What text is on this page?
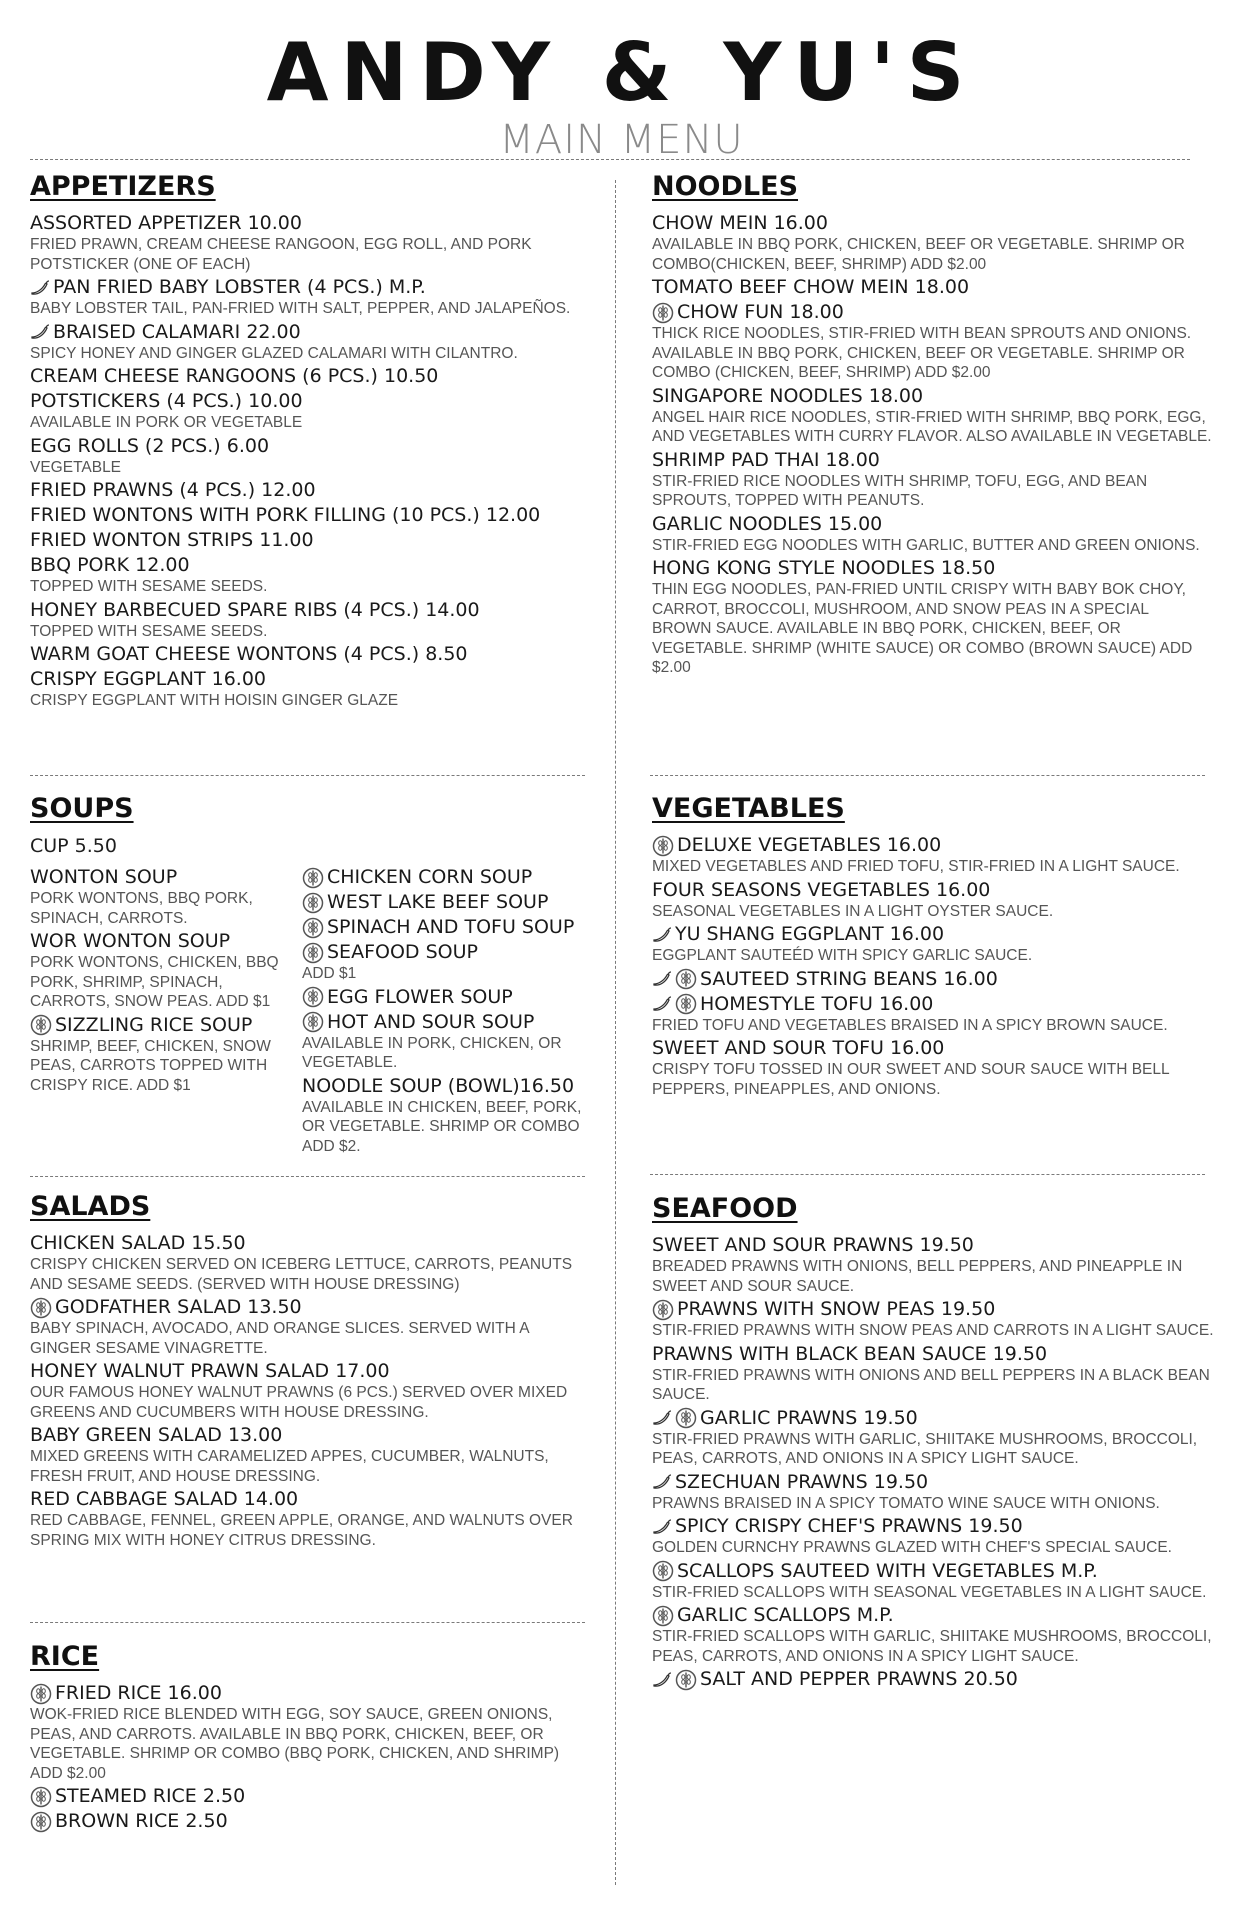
ANDY & YU'S
MAIN MENU
APPETIZERS
ASSORTED APPETIZER 10.00
FRIED PRAWN, CREAM CHEESE RANGOON, EGG ROLL, AND PORK POTSTICKER (ONE OF EACH)
PAN FRIED BABY LOBSTER (4 PCS.) M.P.
BABY LOBSTER TAIL, PAN-FRIED WITH SALT, PEPPER, AND JALAPEÑOS.
BRAISED CALAMARI 22.00
SPICY HONEY AND GINGER GLAZED CALAMARI WITH CILANTRO.
CREAM CHEESE RANGOONS (6 PCS.) 10.50
POTSTICKERS (4 PCS.) 10.00
AVAILABLE IN PORK OR VEGETABLE
EGG ROLLS (2 PCS.) 6.00
VEGETABLE
FRIED PRAWNS (4 PCS.) 12.00
FRIED WONTONS WITH PORK FILLING (10 PCS.) 12.00
FRIED WONTON STRIPS 11.00
BBQ PORK 12.00
TOPPED WITH SESAME SEEDS.
HONEY BARBECUED SPARE RIBS (4 PCS.) 14.00
TOPPED WITH SESAME SEEDS.
WARM GOAT CHEESE WONTONS (4 PCS.) 8.50
CRISPY EGGPLANT 16.00
CRISPY EGGPLANT WITH HOISIN GINGER GLAZE
SOUPS
CUP 5.50
WONTON SOUP
PORK WONTONS, BBQ PORK, SPINACH, CARROTS.
WOR WONTON SOUP
PORK WONTONS, CHICKEN, BBQ PORK, SHRIMP, SPINACH, CARROTS, SNOW PEAS. ADD $1
SIZZLING RICE SOUP
SHRIMP, BEEF, CHICKEN, SNOW PEAS, CARROTS TOPPED WITH CRISPY RICE. ADD $1
CHICKEN CORN SOUP
WEST LAKE BEEF SOUP
SPINACH AND TOFU SOUP
SEAFOOD SOUP
ADD $1
EGG FLOWER SOUP
HOT AND SOUR SOUP
AVAILABLE IN PORK, CHICKEN, OR VEGETABLE.
NOODLE SOUP (BOWL)16.50
AVAILABLE IN CHICKEN, BEEF, PORK, OR VEGETABLE. SHRIMP OR COMBO ADD $2.
SALADS
CHICKEN SALAD 15.50
CRISPY CHICKEN SERVED ON ICEBERG LETTUCE, CARROTS, PEANUTS AND SESAME SEEDS. (SERVED WITH HOUSE DRESSING)
GODFATHER SALAD 13.50
BABY SPINACH, AVOCADO, AND ORANGE SLICES. SERVED WITH A GINGER SESAME VINAGRETTE.
HONEY WALNUT PRAWN SALAD 17.00
OUR FAMOUS HONEY WALNUT PRAWNS (6 PCS.) SERVED OVER MIXED GREENS AND CUCUMBERS WITH HOUSE DRESSING.
BABY GREEN SALAD 13.00
MIXED GREENS WITH CARAMELIZED APPES, CUCUMBER, WALNUTS, FRESH FRUIT, AND HOUSE DRESSING.
RED CABBAGE SALAD 14.00
RED CABBAGE, FENNEL, GREEN APPLE, ORANGE, AND WALNUTS OVER SPRING MIX WITH HONEY CITRUS DRESSING.
RICE
FRIED RICE 16.00
WOK-FRIED RICE BLENDED WITH EGG, SOY SAUCE, GREEN ONIONS, PEAS, AND CARROTS. AVAILABLE IN BBQ PORK, CHICKEN, BEEF, OR VEGETABLE. SHRIMP OR COMBO (BBQ PORK, CHICKEN, AND SHRIMP) ADD $2.00
STEAMED RICE 2.50
BROWN RICE 2.50
NOODLES
CHOW MEIN 16.00
AVAILABLE IN BBQ PORK, CHICKEN, BEEF OR VEGETABLE. SHRIMP OR COMBO(CHICKEN, BEEF, SHRIMP) ADD $2.00
TOMATO BEEF CHOW MEIN 18.00
CHOW FUN 18.00
THICK RICE NOODLES, STIR-FRIED WITH BEAN SPROUTS AND ONIONS. AVAILABLE IN BBQ PORK, CHICKEN, BEEF OR VEGETABLE. SHRIMP OR COMBO (CHICKEN, BEEF, SHRIMP) ADD $2.00
SINGAPORE NOODLES 18.00
ANGEL HAIR RICE NOODLES, STIR-FRIED WITH SHRIMP, BBQ PORK, EGG, AND VEGETABLES WITH CURRY FLAVOR. ALSO AVAILABLE IN VEGETABLE.
SHRIMP PAD THAI 18.00
STIR-FRIED RICE NOODLES WITH SHRIMP, TOFU, EGG, AND BEAN SPROUTS, TOPPED WITH PEANUTS.
GARLIC NOODLES 15.00
STIR-FRIED EGG NOODLES WITH GARLIC, BUTTER AND GREEN ONIONS.
HONG KONG STYLE NOODLES 18.50
THIN EGG NOODLES, PAN-FRIED UNTIL CRISPY WITH BABY BOK CHOY, CARROT, BROCCOLI, MUSHROOM, AND SNOW PEAS IN A SPECIAL BROWN SAUCE. AVAILABLE IN BBQ PORK, CHICKEN, BEEF, OR VEGETABLE. SHRIMP (WHITE SAUCE) OR COMBO (BROWN SAUCE) ADD $2.00
VEGETABLES
DELUXE VEGETABLES 16.00
MIXED VEGETABLES AND FRIED TOFU, STIR-FRIED IN A LIGHT SAUCE.
FOUR SEASONS VEGETABLES 16.00
SEASONAL VEGETABLES IN A LIGHT OYSTER SAUCE.
YU SHANG EGGPLANT 16.00
EGGPLANT SAUTEÉD WITH SPICY GARLIC SAUCE.
SAUTEED STRING BEANS 16.00
HOMESTYLE TOFU 16.00
FRIED TOFU AND VEGETABLES BRAISED IN A SPICY BROWN SAUCE.
SWEET AND SOUR TOFU 16.00
CRISPY TOFU TOSSED IN OUR SWEET AND SOUR SAUCE WITH BELL PEPPERS, PINEAPPLES, AND ONIONS.
SEAFOOD
SWEET AND SOUR PRAWNS 19.50
BREADED PRAWNS WITH ONIONS, BELL PEPPERS, AND PINEAPPLE IN SWEET AND SOUR SAUCE.
PRAWNS WITH SNOW PEAS 19.50
STIR-FRIED PRAWNS WITH SNOW PEAS AND CARROTS IN A LIGHT SAUCE.
PRAWNS WITH BLACK BEAN SAUCE 19.50
STIR-FRIED PRAWNS WITH ONIONS AND BELL PEPPERS IN A BLACK BEAN SAUCE.
GARLIC PRAWNS 19.50
STIR-FRIED PRAWNS WITH GARLIC, SHIITAKE MUSHROOMS, BROCCOLI, PEAS, CARROTS, AND ONIONS IN A SPICY LIGHT SAUCE.
SZECHUAN PRAWNS 19.50
PRAWNS BRAISED IN A SPICY TOMATO WINE SAUCE WITH ONIONS.
SPICY CRISPY CHEF'S PRAWNS 19.50
GOLDEN CURNCHY PRAWNS GLAZED WITH CHEF'S SPECIAL SAUCE.
SCALLOPS SAUTEED WITH VEGETABLES M.P.
STIR-FRIED SCALLOPS WITH SEASONAL VEGETABLES IN A LIGHT SAUCE.
GARLIC SCALLOPS M.P.
STIR-FRIED SCALLOPS WITH GARLIC, SHIITAKE MUSHROOMS, BROCCOLI, PEAS, CARROTS, AND ONIONS IN A SPICY LIGHT SAUCE.
SALT AND PEPPER PRAWNS 20.50
